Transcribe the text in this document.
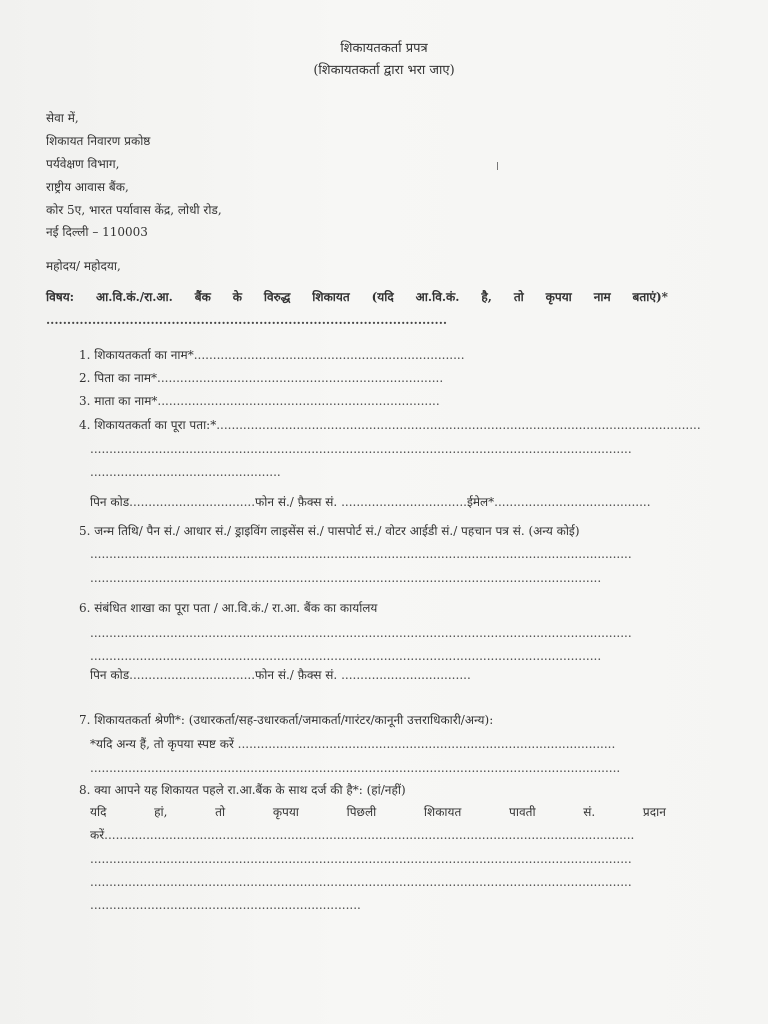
शिकायतकर्ता प्रपत्र
(शिकायतकर्ता द्वारा भरा जाए)
सेवा में,
शिकायत निवारण प्रकोष्ठ
पर्यवेक्षण विभाग,
राष्ट्रीय आवास बैंक,
कोर 5ए, भारत पर्यावास केंद्र, लोधी रोड,
नई दिल्ली – 110003
महोदय/ महोदया,
विषय: आ.वि.कं./रा.आ. बैंक के विरुद्ध शिकायत (यदि आ.वि.कं. है, तो कृपया नाम बताएं)*
................................................................................................
1. शिकायतकर्ता का नाम*.......................................................................
2. पिता का नाम*...........................................................................
3. माता का नाम*..........................................................................
4. शिकायतकर्ता का पूरा पता:*...............................................................................................................................
..............................................................................................................................................
..................................................
पिन कोड.................................फोन सं./ फ़ैक्स सं. .................................ईमेल*.........................................
5. जन्म तिथि/ पैन सं./ आधार सं./ ड्राइविंग लाइसेंस सं./ पासपोर्ट सं./ वोटर आईडी सं./ पहचान पत्र सं. (अन्य कोई)
..............................................................................................................................................
......................................................................................................................................
6. संबंधित शाखा का पूरा पता / आ.वि.कं./ रा.आ. बैंक का कार्यालय
..............................................................................................................................................
......................................................................................................................................
पिन कोड.................................फोन सं./ फ़ैक्स सं. ..................................
7. शिकायतकर्ता श्रेणी*: (उधारकर्ता/सह-उधारकर्ता/जमाकर्ता/गारंटर/कानूनी उत्तराधिकारी/अन्य):
*यदि अन्य हैं, तो कृपया स्पष्ट करें ...................................................................................................
...........................................................................................................................................
8. क्या आपने यह शिकायत पहले रा.आ.बैंक के साथ दर्ज की है*: (हां/नहीं)
यदि	हां,	तो	कृपया	पिछली	शिकायत	पावती	सं.	प्रदान
करें...........................................................................................................................................
..............................................................................................................................................
..............................................................................................................................................
.......................................................................
